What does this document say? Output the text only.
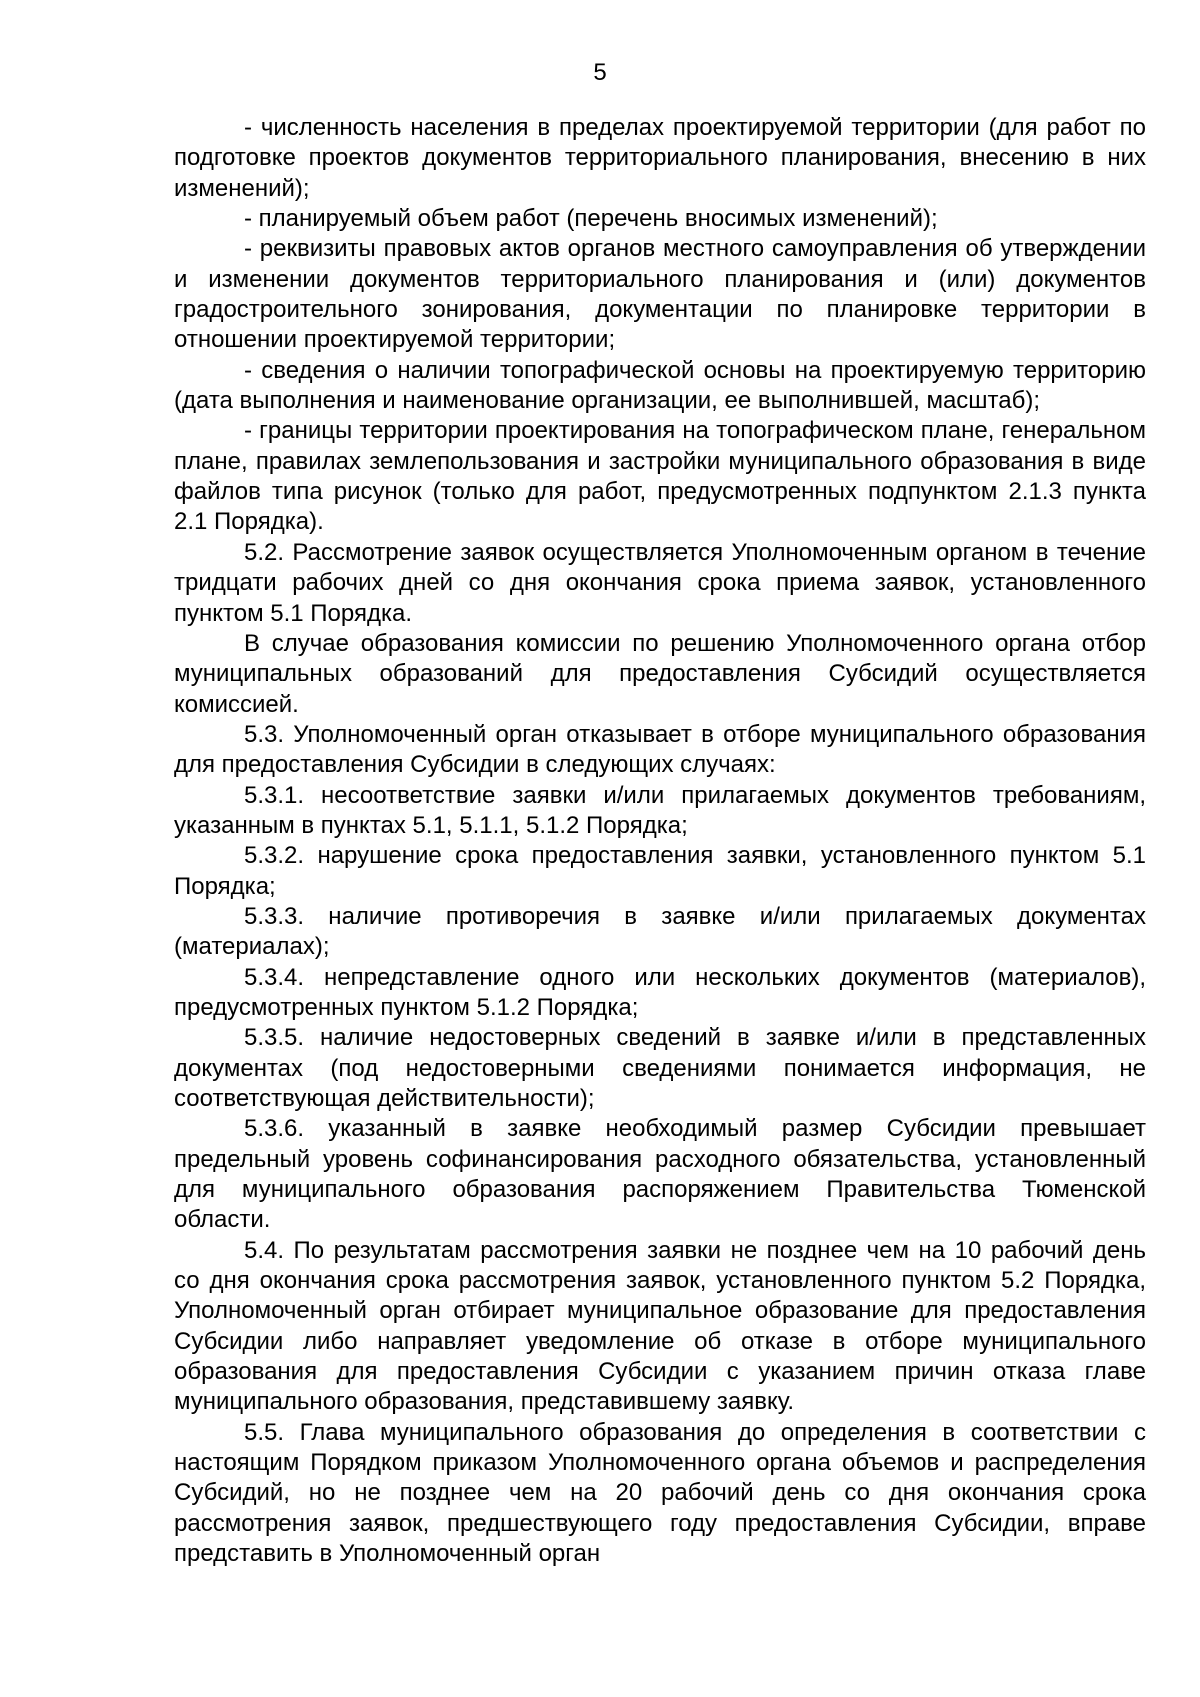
5

- численность населения в пределах проектируемой территории (для работ по подготовке проектов документов территориального планирования, внесению в них изменений);

- планируемый объем работ (перечень вносимых изменений);

- реквизиты правовых актов органов местного самоуправления об утверждении и изменении документов территориального планирования и (или) документов градостроительного зонирования, документации по планировке территории в отношении проектируемой территории;

- сведения о наличии топографической основы на проектируемую территорию (дата выполнения и наименование организации, ее выполнившей, масштаб);

- границы территории проектирования на топографическом плане, генеральном плане, правилах землепользования и застройки муниципального образования в виде файлов типа рисунок (только для работ, предусмотренных подпунктом 2.1.3 пункта 2.1 Порядка).

5.2. Рассмотрение заявок осуществляется Уполномоченным органом в течение тридцати рабочих дней со дня окончания срока приема заявок, установленного пунктом 5.1 Порядка.

В случае образования комиссии по решению Уполномоченного органа отбор муниципальных образований для предоставления Субсидий осуществляется комиссией.

5.3. Уполномоченный орган отказывает в отборе муниципального образования для предоставления Субсидии в следующих случаях:

5.3.1. несоответствие заявки и/или прилагаемых документов требованиям, указанным в пунктах 5.1, 5.1.1, 5.1.2 Порядка;

5.3.2. нарушение срока предоставления заявки, установленного пунктом 5.1 Порядка;

5.3.3. наличие противоречия в заявке и/или прилагаемых документах (материалах);

5.3.4. непредставление одного или нескольких документов (материалов), предусмотренных пунктом 5.1.2 Порядка;

5.3.5. наличие недостоверных сведений в заявке и/или в представленных документах (под недостоверными сведениями понимается информация, не соответствующая действительности);

5.3.6. указанный в заявке необходимый размер Субсидии превышает предельный уровень софинансирования расходного обязательства, установленный для муниципального образования распоряжением Правительства Тюменской области.

5.4. По результатам рассмотрения заявки не позднее чем на 10 рабочий день со дня окончания срока рассмотрения заявок, установленного пунктом 5.2 Порядка, Уполномоченный орган отбирает муниципальное образование для предоставления Субсидии либо направляет уведомление об отказе в отборе муниципального образования для предоставления Субсидии с указанием причин отказа главе муниципального образования, представившему заявку.

5.5. Глава муниципального образования до определения в соответствии с настоящим Порядком приказом Уполномоченного органа объемов и распределения Субсидий, но не позднее чем на 20 рабочий день со дня окончания срока рассмотрения заявок, предшествующего году предоставления Субсидии, вправе представить в Уполномоченный орган
